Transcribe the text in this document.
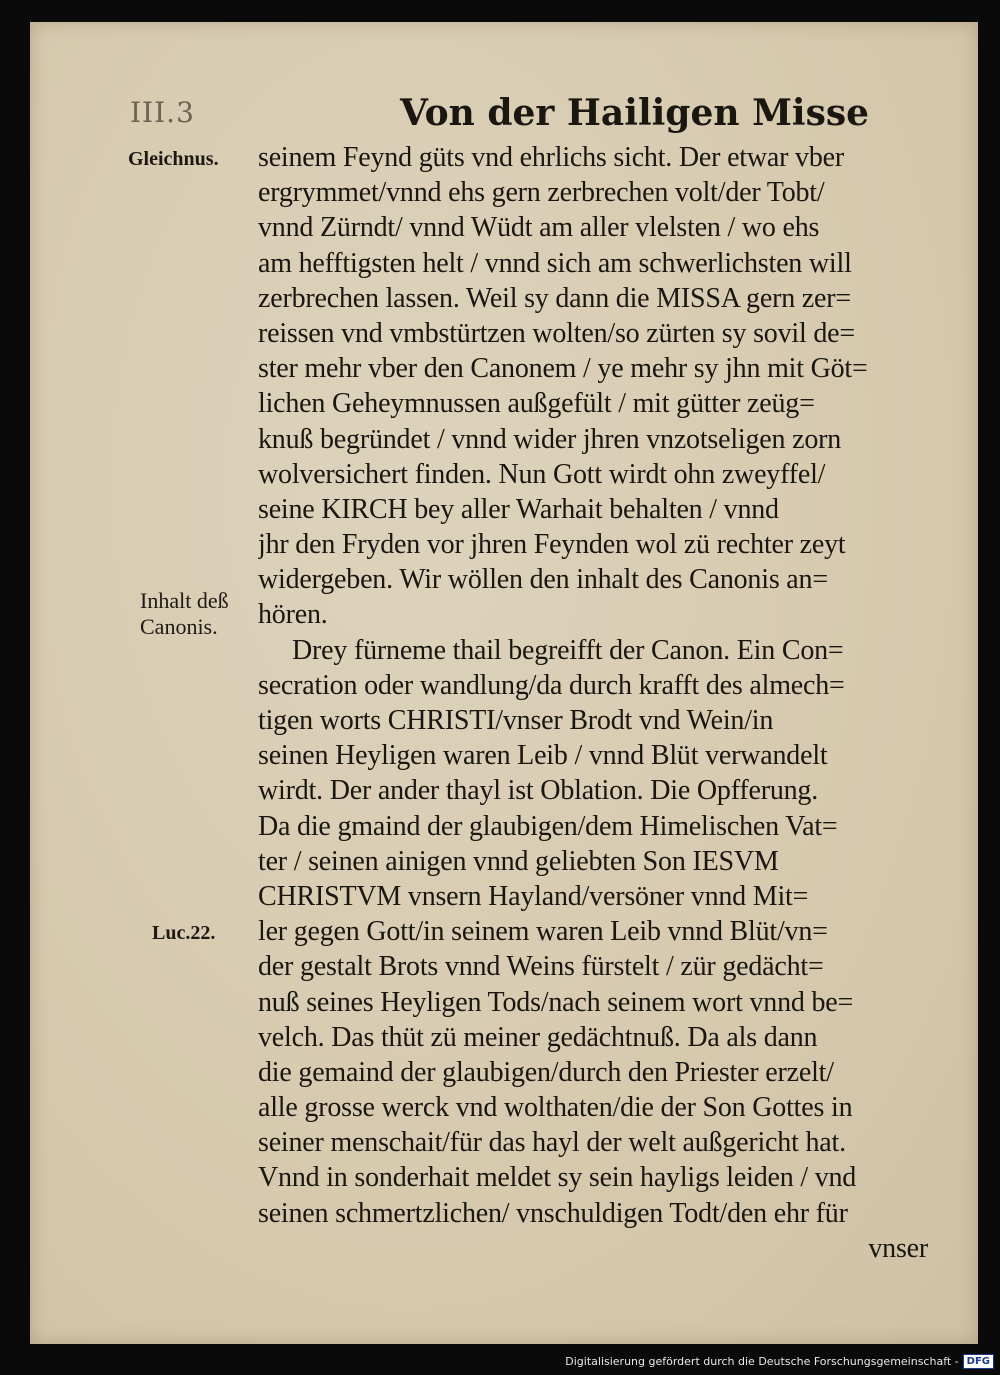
III.3	Von der Hailigen Misse
Gleichnus.
Inhalt deß
Canonis.
Luc.22.
seinem Feynd güts vnd ehrlichs sicht. Der etwar vber
ergrymmet/vnnd ehs gern zerbrechen volt/der Tobt/
vnnd Zürndt/ vnnd Wüdt am aller vlelsten / wo ehs
am hefftigsten helt / vnnd sich am schwerlichsten will
zerbrechen lassen. Weil sy dann die MISSA gern zer=
reissen vnd vmbstürtzen wolten/so zürten sy sovil de=
ster mehr vber den Canonem / ye mehr sy jhn mit Göt=
lichen Geheymnussen außgefült / mit gütter zeüg=
knuß begründet / vnnd wider jhren vnzotseligen zorn
wolversichert finden. Nun Gott wirdt ohn zweyffel/
seine KIRCH bey aller Warhait behalten / vnnd
jhr den Fryden vor jhren Feynden wol zü rechter zeyt
widergeben. Wir wöllen den inhalt des Canonis an=
hören.
Drey fürneme thail begreifft der Canon. Ein Con=
secration oder wandlung/da durch krafft des almech=
tigen worts CHRISTI/vnser Brodt vnd Wein/in
seinen Heyligen waren Leib / vnnd Blüt verwandelt
wirdt. Der ander thayl ist Oblation. Die Opfferung.
Da die gmaind der glaubigen/dem Himelischen Vat=
ter / seinen ainigen vnnd geliebten Son IESVM
CHRISTVM vnsern Hayland/versöner vnnd Mit=
ler gegen Gott/in seinem waren Leib vnnd Blüt/vn=
der gestalt Brots vnnd Weins fürstelt / zür gedächt=
nuß seines Heyligen Tods/nach seinem wort vnnd be=
velch. Das thüt zü meiner gedächtnuß. Da als dann
die gemaind der glaubigen/durch den Priester erzelt/
alle grosse werck vnd wolthaten/die der Son Gottes in
seiner menschait/für das hayl der welt außgericht hat.
Vnnd in sonderhait meldet sy sein hayligs leiden / vnd
seinen schmertzlichen/ vnschuldigen Todt/den ehr für
vnser
Digitalisierung gefördert durch die Deutsche Forschungsgemeinschaft - DFG
